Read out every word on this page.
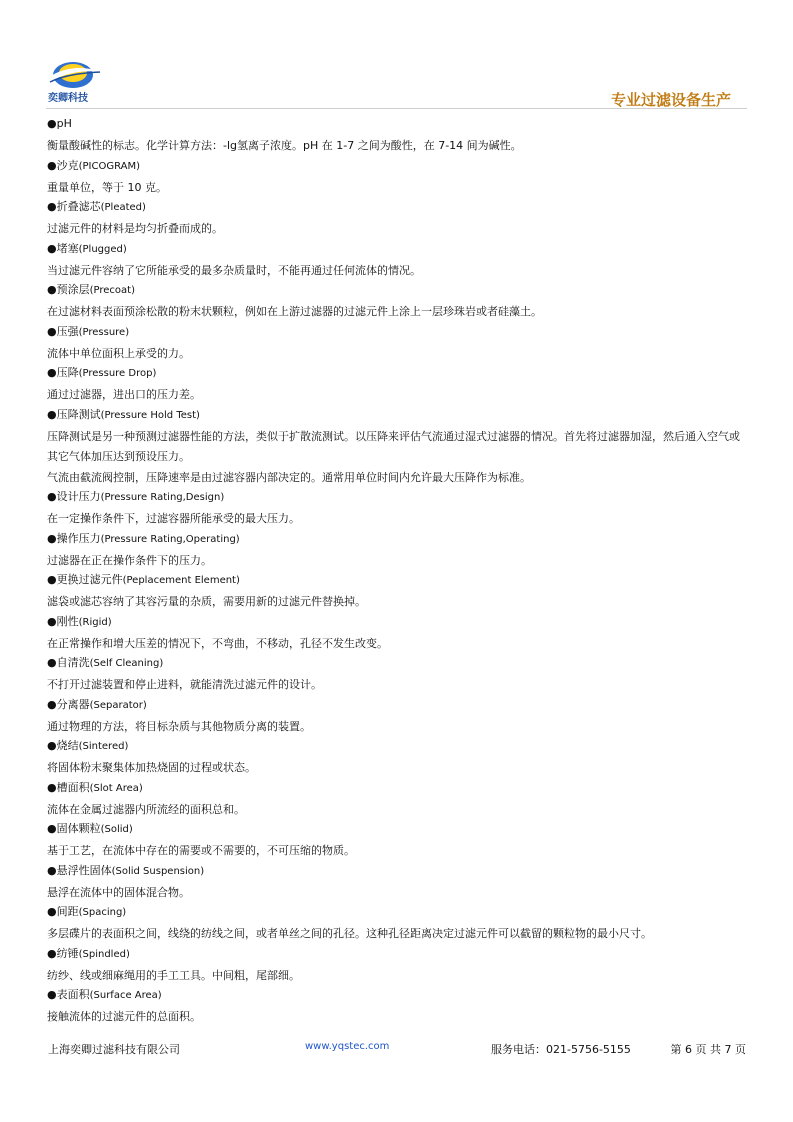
奕卿科技	专业过滤设备生产
●pH

衡量酸碱性的标志。化学计算方法：-lg氢离子浓度。pH 在 1-7 之间为酸性，在 7-14 间为碱性。

●沙克(PICOGRAM)

重量单位，等于 10 克。

●折叠滤芯(Pleated)

过滤元件的材料是均匀折叠而成的。

●堵塞(Plugged)

当过滤元件容纳了它所能承受的最多杂质量时，不能再通过任何流体的情况。

●预涂层(Precoat)

在过滤材料表面预涂松散的粉末状颗粒，例如在上游过滤器的过滤元件上涂上一层珍珠岩或者硅藻土。

●压强(Pressure)

流体中单位面积上承受的力。

●压降(Pressure Drop)

通过过滤器，进出口的压力差。

●压降测试(Pressure Hold Test)

压降测试是另一种预测过滤器性能的方法，类似于扩散流测试。以压降来评估气流通过湿式过滤器的情况。首先将过滤器加湿，然后通入空气或其它气体加压达到预设压力。

气流由截流阀控制，压降速率是由过滤容器内部决定的。通常用单位时间内允许最大压降作为标准。

●设计压力(Pressure Rating,Design)

在一定操作条件下，过滤容器所能承受的最大压力。

●操作压力(Pressure Rating,Operating)

过滤器在正在操作条件下的压力。

●更换过滤元件(Peplacement Element)

滤袋或滤芯容纳了其容污量的杂质，需要用新的过滤元件替换掉。

●刚性(Rigid)

在正常操作和增大压差的情况下，不弯曲，不移动，孔径不发生改变。

●自清洗(Self Cleaning)

不打开过滤装置和停止进料，就能清洗过滤元件的设计。

●分离器(Separator)

通过物理的方法，将目标杂质与其他物质分离的装置。

●烧结(Sintered)

将固体粉末聚集体加热烧固的过程或状态。

●槽面积(Slot Area)

流体在金属过滤器内所流经的面积总和。

●固体颗粒(Solid)

基于工艺，在流体中存在的需要或不需要的，不可压缩的物质。

●悬浮性固体(Solid Suspension)

悬浮在流体中的固体混合物。

●间距(Spacing)

多层碟片的表面积之间，线绕的纺线之间，或者单丝之间的孔径。这种孔径距离决定过滤元件可以截留的颗粒物的最小尺寸。

●纺锤(Spindled)

纺纱、线或细麻绳用的手工工具。中间粗，尾部细。

●表面积(Surface Area)

接触流体的过滤元件的总面积。

上海奕卿过滤科技有限公司	www.yqstec.com	服务电话：021-5756-5155	第 6 页 共 7 页
